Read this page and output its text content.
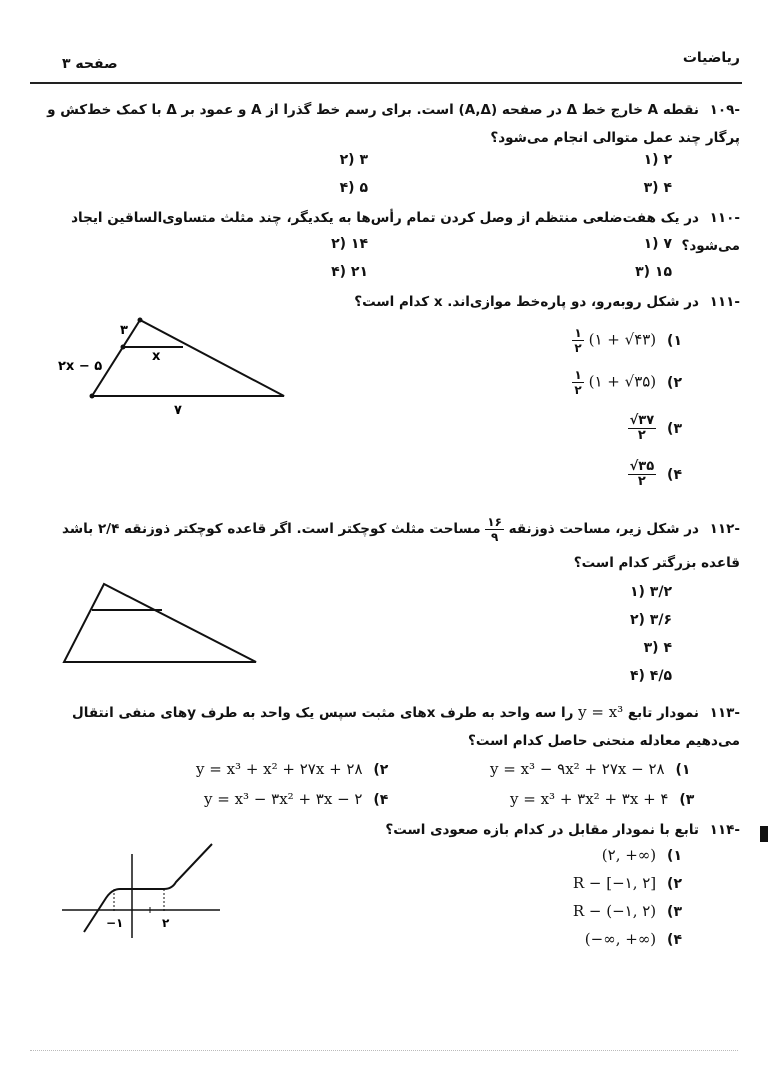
ریاضیات
صفحه ۳
-۱۰۹ نقطه A خارج خط Δ در صفحه (A,Δ) است. برای رسم خط گذرا از A و عمود بر Δ با کمک خط‌کش و پرگار چند عمل متوالی انجام می‌شود؟
۲ (۱
۳ (۲
۴ (۳
۵ (۴
-۱۱۰ در یک هفت‌ضلعی منتظم از وصل کردن تمام رأس‌ها به یکدیگر، چند مثلث متساوی‌الساقین ایجاد می‌شود؟
۷ (۱
۱۴ (۲
۱۵ (۳
۲۱ (۴
-۱۱۱ در شکل روبه‌رو، دو پاره‌خط موازی‌اند. x کدام است؟
۳
۲x − ۵
x
۷
$\frac{۱}{۲}$ (۱ + √۴۳) (۱
$\frac{۱}{۲}$ (۱ + √۳۵) (۲
$\frac{√۳۷}{۲}$ (۳
$\frac{√۳۵}{۲}$ (۴
-۱۱۲ در شکل زیر، مساحت ذوزنقه
$\frac{۱۶}{۹}$
مساحت مثلث کوچکتر است. اگر قاعده کوچکتر ذوزنقه ۲/۴ باشد قاعده بزرگتر کدام است؟
۳/۲ (۱
۳/۶ (۲
۴ (۳
۴/۵ (۴
-۱۱۳ نمودار تابع y = x³ را سه واحد به طرف xهای مثبت سپس یک واحد به طرف yهای منفی انتقال می‌دهیم معادله منحنی حاصل کدام است؟
y = x³ − ۹x² + ۲۷x − ۲۸ (۱
y = x³ + x² + ۲۷x + ۲۸ (۲
y = x³ + ۳x² + ۳x + ۴ (۳
y = x³ − ۳x² + ۳x − ۲ (۴
-۱۱۴ تابع با نمودار مقابل در کدام بازه صعودی است؟
−۱	۲
(۲, +∞) (۱
R − [−۱, ۲] (۲
R − (−۱, ۲) (۳
(−∞, +∞) (۴
